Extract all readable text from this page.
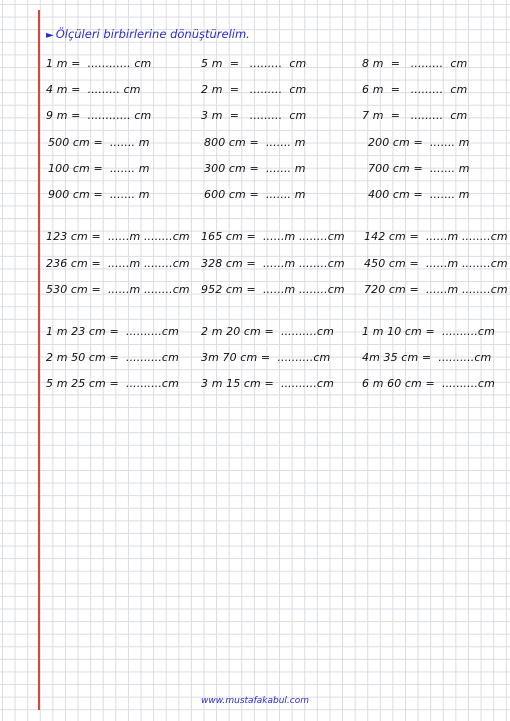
► Ölçüleri birbirlerine dönüştürelim.
1 m =  ............ cm	5 m  =   .........  cm	8 m  =   .........  cm
4 m =  ......... cm	2 m  =   .........  cm	6 m  =   .........  cm
9 m =  ............ cm	3 m  =   .........  cm	7 m  =   .........  cm
500 cm =  ....... m	800 cm =  ....... m	200 cm =  ....... m
100 cm =  ....... m	300 cm =  ....... m	700 cm =  ....... m
900 cm =  ....... m	600 cm =  ....... m	400 cm =  ....... m
123 cm =  ......m ........cm 165 cm =  ......m ........cm 142 cm =  ......m ........cm
236 cm =  ......m ........cm 328 cm =  ......m ........cm 450 cm =  ......m ........cm
530 cm =  ......m ........cm 952 cm =  ......m ........cm 720 cm =  ......m ........cm
1 m 23 cm =  ..........cm 2 m 20 cm =  ..........cm	1 m 10 cm =  ..........cm
2 m 50 cm =  ..........cm 3m 70 cm =  ..........cm	4m 35 cm =  ..........cm
5 m 25 cm =  ..........cm 3 m 15 cm =  ..........cm	6 m 60 cm =  ..........cm
www.mustafakabul.com
